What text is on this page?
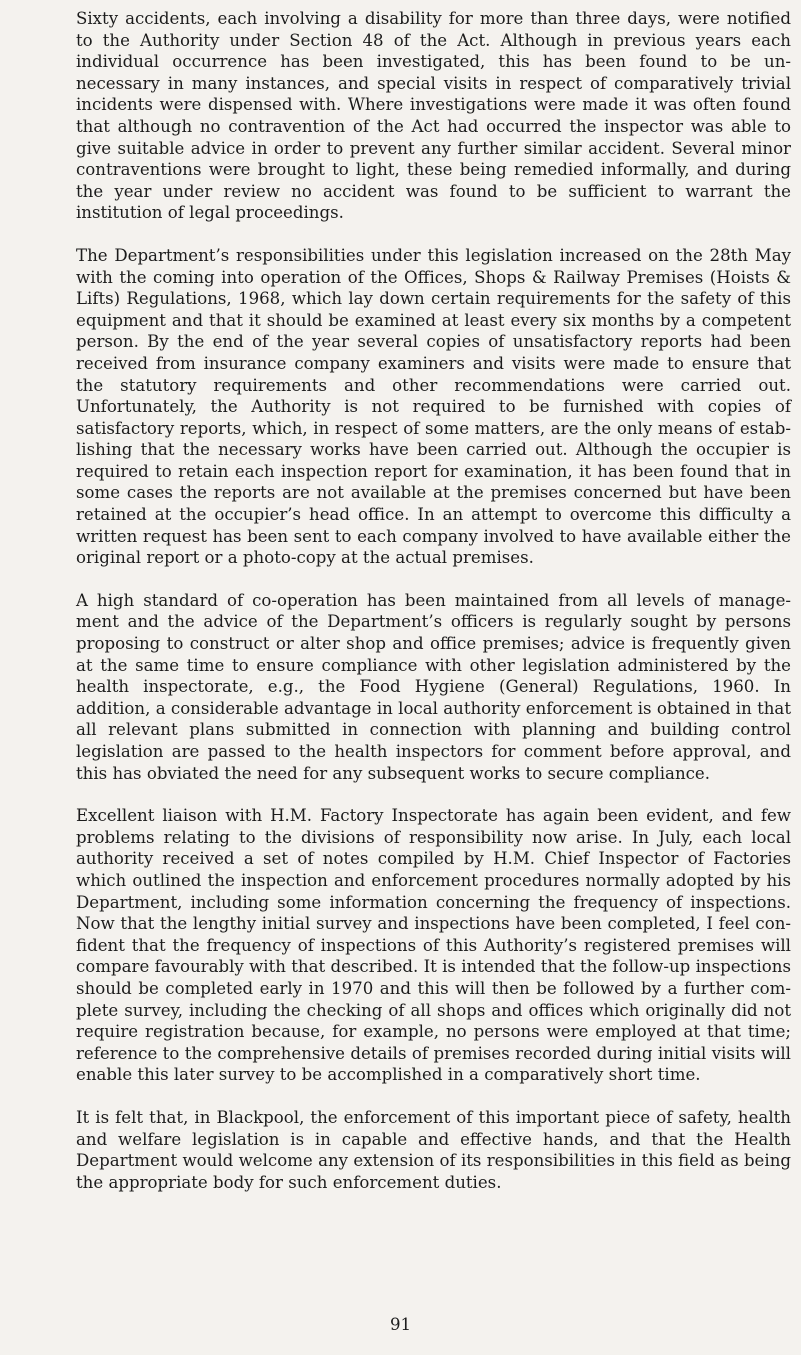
Sixty accidents, each involving a disability for more than three days, were notified to the Authority under Section 48 of the Act. Although in previous years each individual occurrence has been investigated, this has been found to be un- necessary in many instances, and special visits in respect of comparatively trivial incidents were dispensed with. Where investigations were made it was often found that although no contravention of the Act had occurred the inspector was able to give suitable advice in order to prevent any further similar accident. Several minor contraventions were brought to light, these being remedied informally, and during the year under review no accident was found to be sufficient to warrant the institution of legal proceedings.

The Department’s responsibilities under this legislation increased on the 28th May with the coming into operation of the Offices, Shops & Railway Premises (Hoists & Lifts) Regulations, 1968, which lay down certain requirements for the safety of this equipment and that it should be examined at least every six months by a competent person. By the end of the year several copies of unsatisfactory reports had been received from insurance company examiners and visits were made to ensure that the statutory requirements and other recommendations were carried out. Unfortunately, the Authority is not required to be furnished with copies of satisfactory reports, which, in respect of some matters, are the only means of estab- lishing that the necessary works have been carried out. Although the occupier is required to retain each inspection report for examination, it has been found that in some cases the reports are not available at the premises concerned but have been retained at the occupier’s head office. In an attempt to overcome this difficulty a written request has been sent to each company involved to have available either the original report or a photo-copy at the actual premises.

A high standard of co-operation has been maintained from all levels of manage- ment and the advice of the Department’s officers is regularly sought by persons proposing to construct or alter shop and office premises; advice is frequently given at the same time to ensure compliance with other legislation administered by the health inspectorate, e.g., the Food Hygiene (General) Regulations, 1960. In addition, a considerable advantage in local authority enforcement is obtained in that all relevant plans submitted in connection with planning and building control legislation are passed to the health inspectors for comment before approval, and this has obviated the need for any subsequent works to secure compliance.

Excellent liaison with H.M. Factory Inspectorate has again been evident, and few problems relating to the divisions of responsibility now arise. In July, each local authority received a set of notes compiled by H.M. Chief Inspector of Factories which outlined the inspection and enforcement procedures normally adopted by his Department, including some information concerning the frequency of inspections. Now that the lengthy initial survey and inspections have been completed, I feel con- fident that the frequency of inspections of this Authority’s registered premises will compare favourably with that described. It is intended that the follow-up inspections should be completed early in 1970 and this will then be followed by a further com- plete survey, including the checking of all shops and offices which originally did not require registration because, for example, no persons were employed at that time; reference to the comprehensive details of premises recorded during initial visits will enable this later survey to be accomplished in a comparatively short time.

It is felt that, in Blackpool, the enforcement of this important piece of safety, health and welfare legislation is in capable and effective hands, and that the Health Department would welcome any extension of its responsibilities in this field as being the appropriate body for such enforcement duties.

91
